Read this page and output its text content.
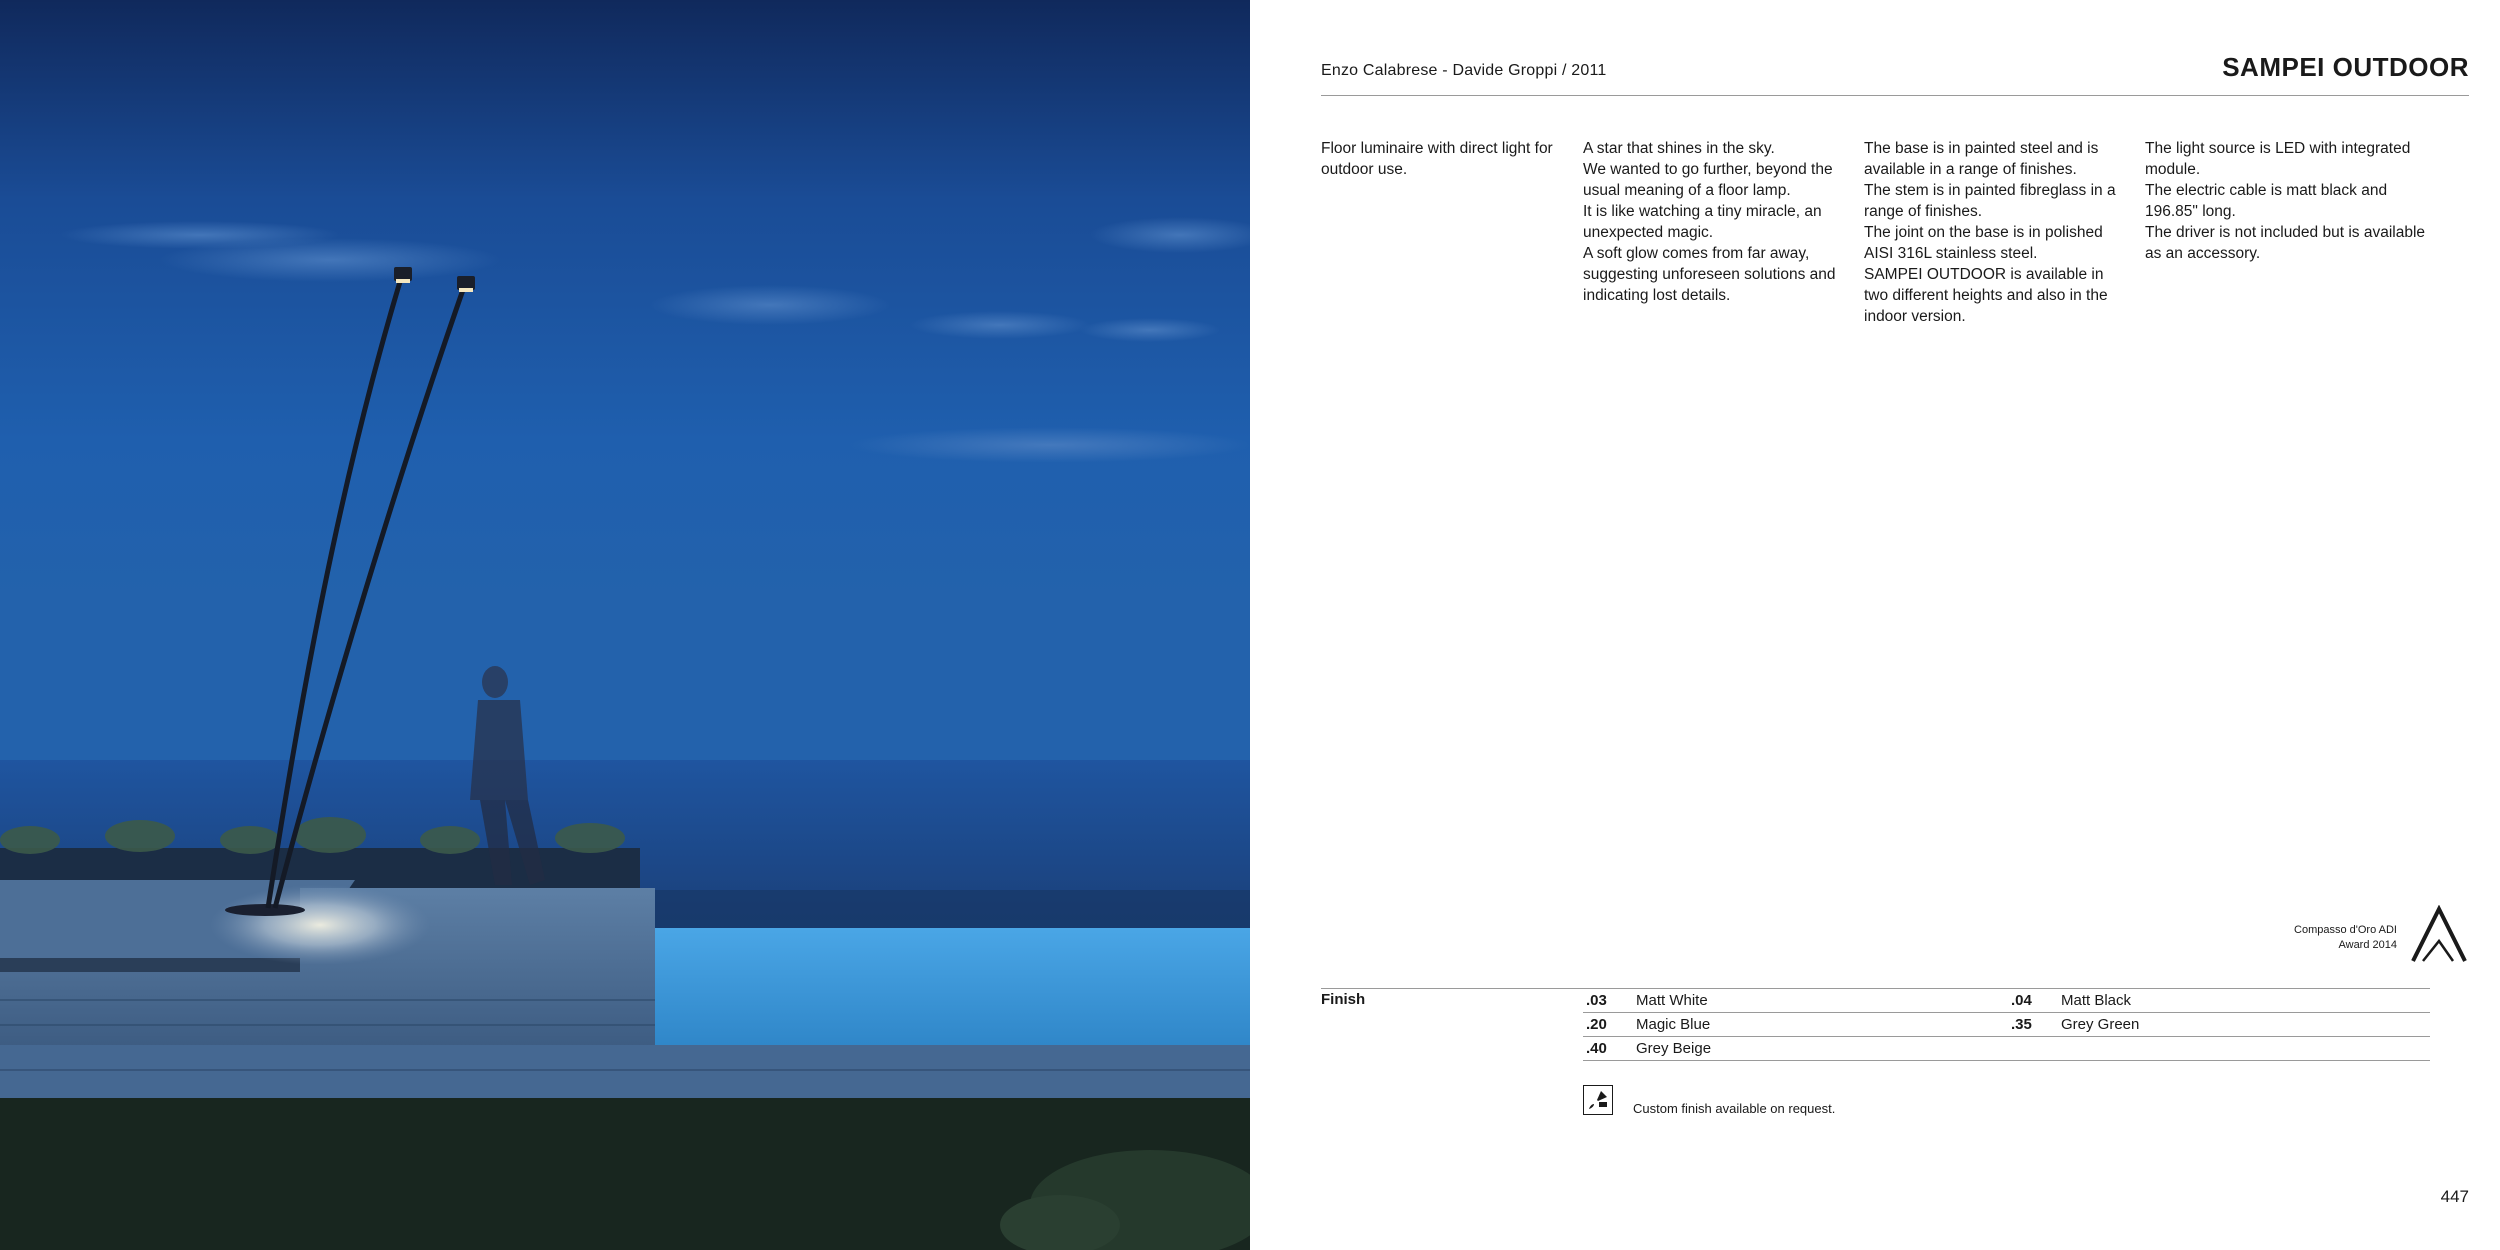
Enzo Calabrese - Davide Groppi / 2011	SAMPEI OUTDOOR

Floor luminaire with direct light for outdoor use.

A star that shines in the sky.

We wanted to go further, beyond the usual meaning of a floor lamp.

It is like watching a tiny miracle, an unexpected magic.

A soft glow comes from far away, suggesting unforeseen solutions and indicating lost details.

The base is in painted steel and is available in a range of finishes.

The stem is in painted fibreglass in a range of finishes.

The joint on the base is in polished AISI 316L stainless steel.

SAMPEI OUTDOOR is available in two different heights and also in the indoor version.

The light source is LED with integrated module.

The electric cable is matt black and 196.85" long.

The driver is not included but is available as an accessory.

Compasso d'Oro ADI
Award 2014
Finish	.03	Matt White	.04	Matt Black
.20	Magic Blue	.35	Grey Green
.40	Grey Beige
Custom finish available on request.
447
